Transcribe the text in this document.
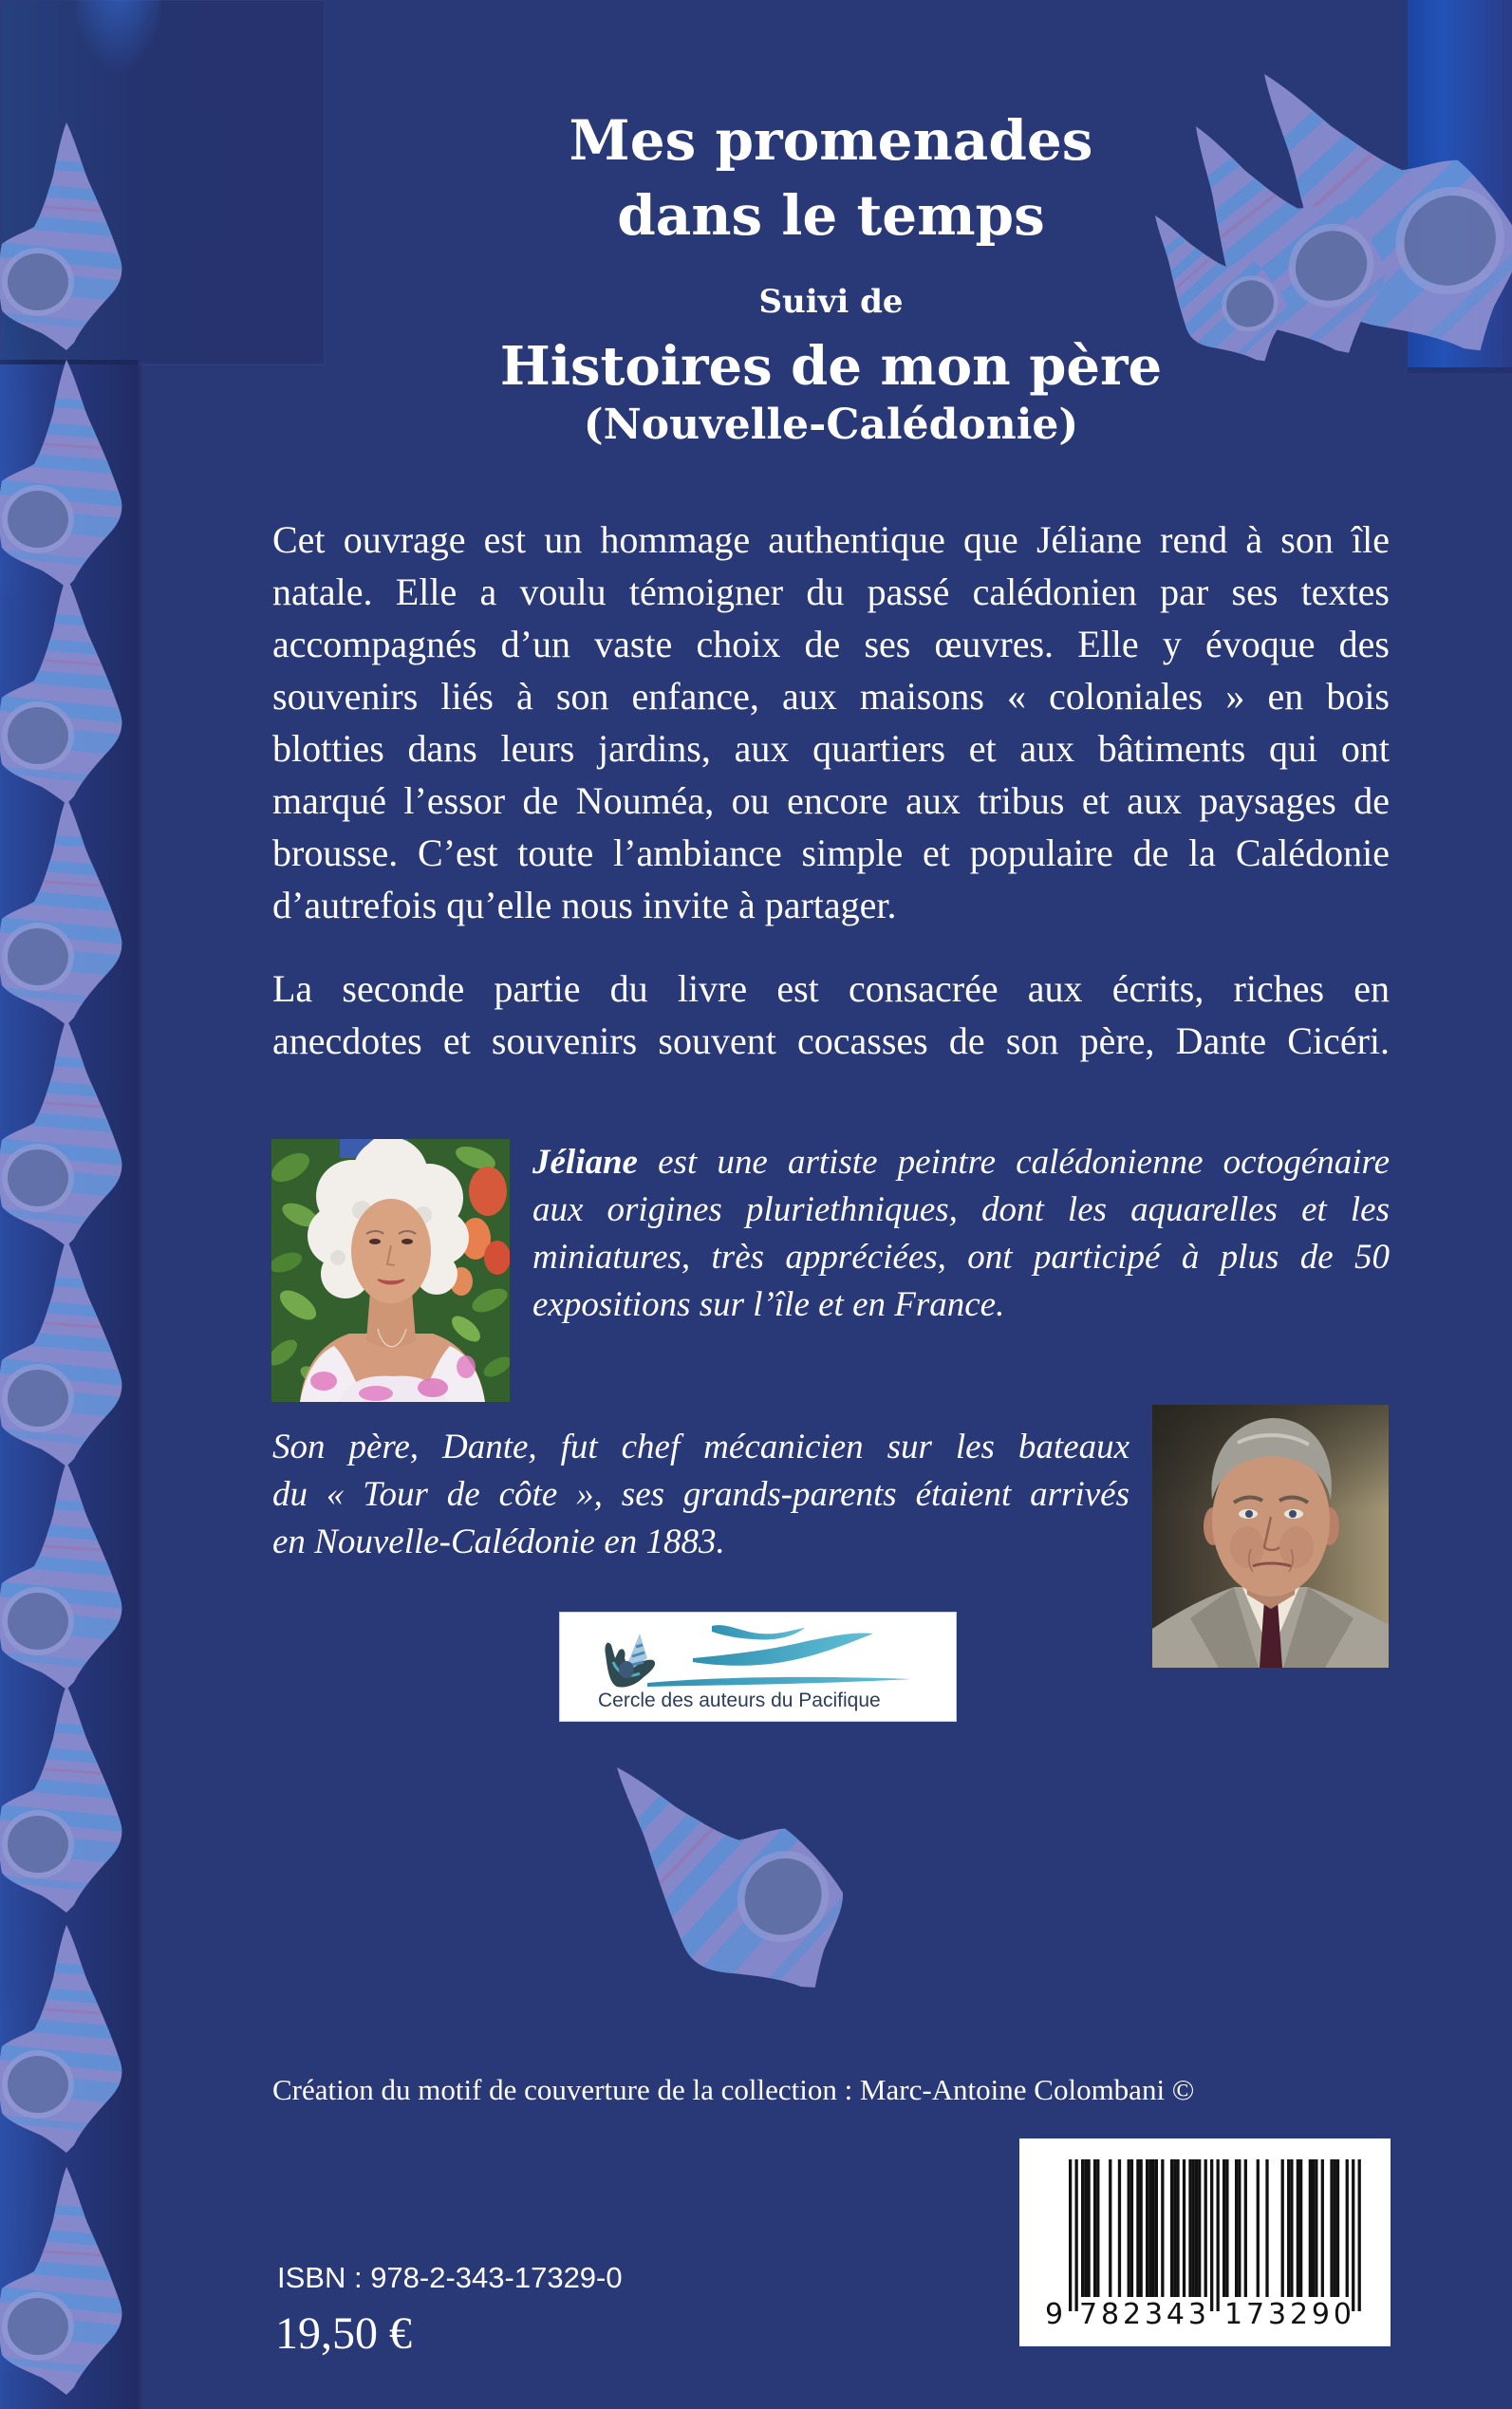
Mes promenades
dans le temps
Suivi de
Histoires de mon père
(Nouvelle-Calédonie)
Cet ouvrage est un hommage authentique que Jéliane rend à son île
natale. Elle a voulu témoigner du passé calédonien par ses textes
accompagnés d’un vaste choix de ses œuvres. Elle y évoque des
souvenirs liés à son enfance, aux maisons « coloniales » en bois
blotties dans leurs jardins, aux quartiers et aux bâtiments qui ont
marqué l’essor de Nouméa, ou encore aux tribus et aux paysages de
brousse. C’est toute l’ambiance simple et populaire de la Calédonie
d’autrefois qu’elle nous invite à partager.
La seconde partie du livre est consacrée aux écrits, riches en
anecdotes et souvenirs souvent cocasses de son père, Dante Cicéri.
Jéliane est une artiste peintre calédonienne octogénaire
aux origines pluriethniques, dont les aquarelles et les
miniatures, très appréciées, ont participé à plus de 50
expositions sur l’île et en France.
Son père, Dante, fut chef mécanicien sur les bateaux
du « Tour de côte », ses grands-parents étaient arrivés
en Nouvelle-Calédonie en 1883.
Cercle des auteurs du Pacifique
Création du motif de couverture de la collection : Marc-Antoine Colombani ©
ISBN : 978-2-343-17329-0
19,50 €	9 782343 173290
